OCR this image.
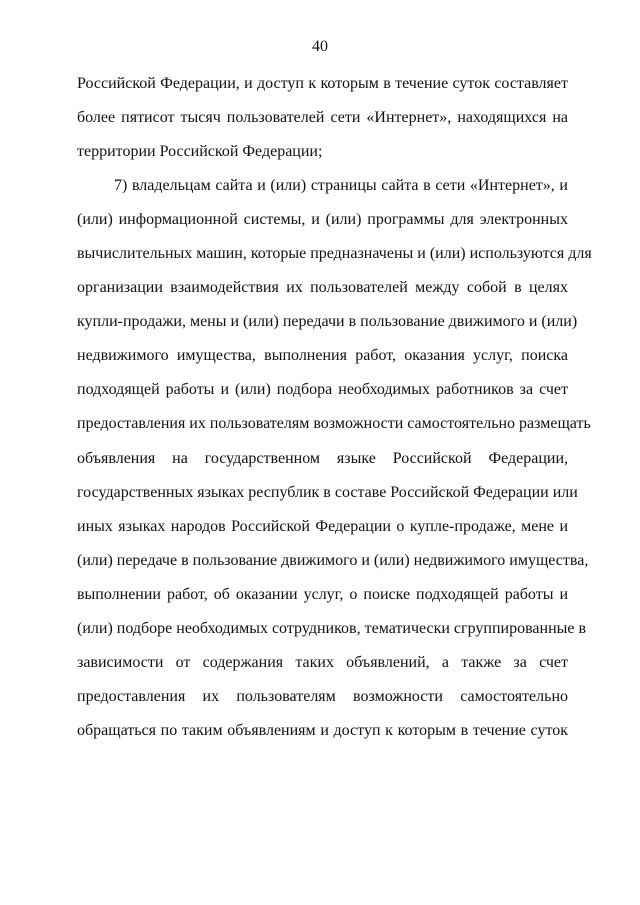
40
Российской Федерации, и доступ к которым в течение суток составляет
более пятисот тысяч пользователей сети «Интернет», находящихся на
территории Российской Федерации;
7) владельцам сайта и (или) страницы сайта в сети «Интернет», и
(или) информационной системы, и (или) программы для электронных
вычислительных машин, которые предназначены и (или) используются для
организации взаимодействия их пользователей между собой в целях
купли-продажи, мены и (или) передачи в пользование движимого и (или)
недвижимого имущества, выполнения работ, оказания услуг, поиска
подходящей работы и (или) подбора необходимых работников за счет
предоставления их пользователям возможности самостоятельно размещать
объявления на государственном языке Российской Федерации,
государственных языках республик в составе Российской Федерации или
иных языках народов Российской Федерации о купле-продаже, мене и
(или) передаче в пользование движимого и (или) недвижимого имущества,
выполнении работ, об оказании услуг, о поиске подходящей работы и
(или) подборе необходимых сотрудников, тематически сгруппированные в
зависимости от содержания таких объявлений, а также за счет
предоставления их пользователям возможности самостоятельно
обращаться по таким объявлениям и доступ к которым в течение суток
